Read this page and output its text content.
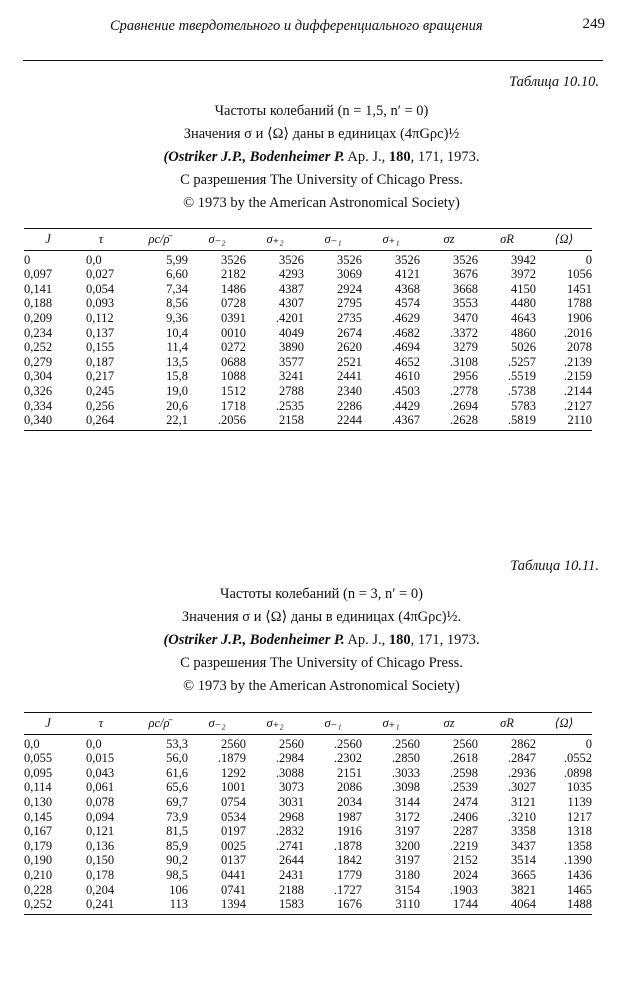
Сравнение твердотельного и дифференциального вращения	249
Таблица 10.10.
Частоты колебаний (n = 1,5, n′ = 0)
Значения σ и ⟨Ω⟩ даны в единицах (4πGρc)½
(Ostriker J.P., Bodenheimer P. Ap. J., 180, 171, 1973.
С разрешения The University of Chicago Press.
© 1973 by the American Astronomical Society)
J	τ	ρc/ρ̄	σ₋₂	σ₊₂	σ₋₁	σ₊₁	σz	σR	⟨Ω⟩
0	0,0	5,99	3526	3526	3526	3526	3526	3942	0
0,097	0,027	6,60	2182	4293	3069	4121	3676	3972	1056
0,141	0,054	7,34	1486	4387	2924	4368	3668	4150	1451
0,188	0,093	8,56	0728	4307	2795	4574	3553	4480	1788
0,209	0,112	9,36	0391	.4201	2735	.4629	3470	4643	1906
0,234	0,137	10,4	0010	4049	2674	.4682	.3372	4860	.2016
0,252	0,155	11,4	0272	3890	2620	.4694	3279	5026	2078
0,279	0,187	13,5	0688	3577	2521	4652	.3108	.5257	.2139
0,304	0,217	15,8	1088	3241	2441	4610	2956	.5519	.2159
0,326	0,245	19,0	1512	2788	2340	.4503	.2778	.5738	.2144
0,334	0,256	20,6	1718	.2535	2286	.4429	.2694	5783	.2127
0,340	0,264	22,1	.2056	2158	2244	.4367	.2628	.5819	2110
Таблица 10.11.
Частоты колебаний (n = 3, n′ = 0)
Значения σ и ⟨Ω⟩ даны в единицах (4πGρc)½.
(Ostriker J.P., Bodenheimer P. Ap. J., 180, 171, 1973.
С разрешения The University of Chicago Press.
© 1973 by the American Astronomical Society)
J	τ	ρc/ρ̄	σ₋₂	σ₊₂	σ₋₁	σ₊₁	σz	σR	⟨Ω⟩
0,0	0,0	53,3	2560	2560	.2560	.2560	2560	2862	0
0,055	0,015	56,0	.1879	.2984	.2302	.2850	.2618	.2847	.0552
0,095	0,043	61,6	1292	.3088	2151	.3033	.2598	.2936	.0898
0,114	0,061	65,6	1001	3073	2086	.3098	.2539	.3027	1035
0,130	0,078	69,7	0754	3031	2034	3144	2474	3121	1139
0,145	0,094	73,9	0534	2968	1987	3172	.2406	.3210	1217
0,167	0,121	81,5	0197	.2832	1916	3197	2287	3358	1318
0,179	0,136	85,9	0025	.2741	.1878	3200	.2219	3437	1358
0,190	0,150	90,2	0137	2644	1842	3197	2152	3514	.1390
0,210	0,178	98,5	0441	2431	1779	3180	2024	3665	1436
0,228	0,204	106	0741	2188	.1727	3154	.1903	3821	1465
0,252	0,241	113	1394	1583	1676	3110	1744	4064	1488
